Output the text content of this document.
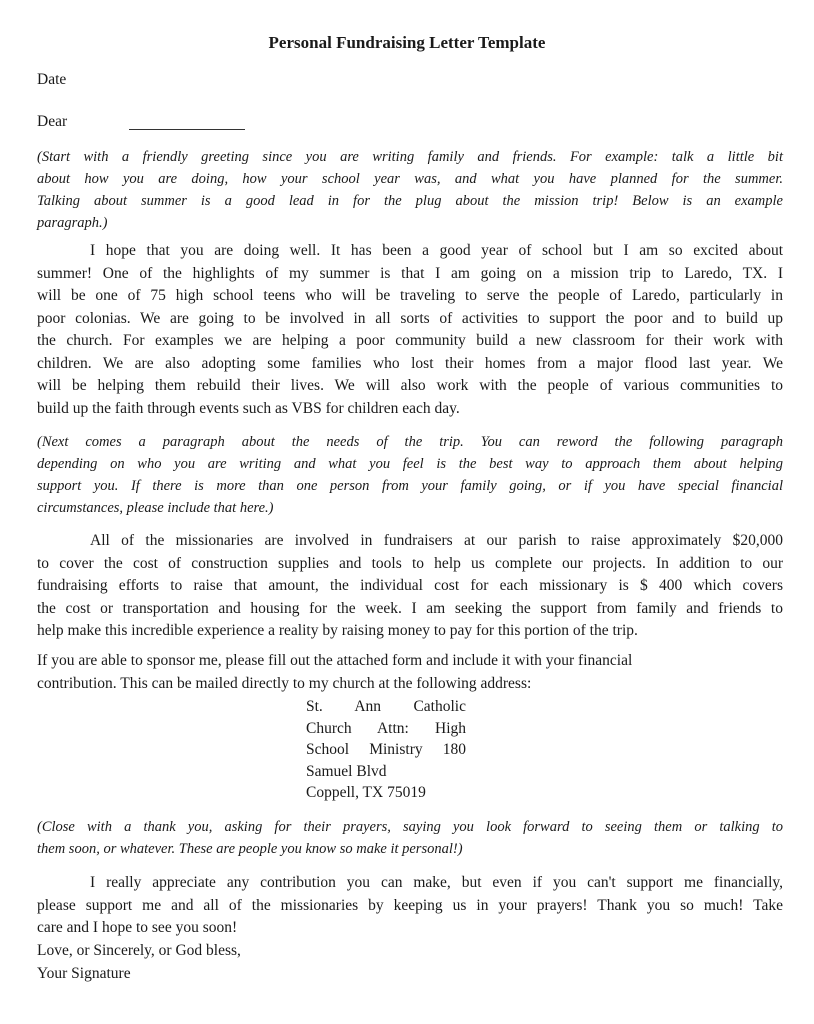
Personal Fundraising Letter Template
Date
Dear
(Start with a friendly greeting since you are writing family and friends. For example: talk a little bit
about how you are doing, how your school year was, and what you have planned for the summer.
Talking about summer is a good lead in for the plug about the mission trip! Below is an example
paragraph.)
I hope that you are doing well. It has been a good year of school but I am so excited about
summer! One of the highlights of my summer is that I am going on a mission trip to Laredo, TX. I
will be one of 75 high school teens who will be traveling to serve the people of Laredo, particularly in
poor colonias. We are going to be involved in all sorts of activities to support the poor and to build up
the church. For examples we are helping a poor community build a new classroom for their work with
children. We are also adopting some families who lost their homes from a major flood last year. We
will be helping them rebuild their lives. We will also work with the people of various communities to
build up the faith through events such as VBS for children each day.
(Next comes a paragraph about the needs of the trip. You can reword the following paragraph
depending on who you are writing and what you feel is the best way to approach them about helping
support you. If there is more than one person from your family going, or if you have special financial
circumstances, please include that here.)
All of the missionaries are involved in fundraisers at our parish to raise approximately $20,000
to cover the cost of construction supplies and tools to help us complete our projects. In addition to our
fundraising efforts to raise that amount, the individual cost for each missionary is $ 400 which covers
the cost or transportation and housing for the week. I am seeking the support from family and friends to
help make this incredible experience a reality by raising money to pay for this portion of the trip.
If you are able to sponsor me, please fill out the attached form and include it with your financial
contribution. This can be mailed directly to my church at the following address:
St. Ann Catholic
Church Attn: High
School Ministry 180
Samuel Blvd
Coppell, TX 75019
(Close with a thank you, asking for their prayers, saying you look forward to seeing them or talking to
them soon, or whatever. These are people you know so make it personal!)
I really appreciate any contribution you can make, but even if you can't support me financially,
please support me and all of the missionaries by keeping us in your prayers! Thank you so much! Take
care and I hope to see you soon!
Love, or Sincerely, or God bless,
Your Signature
